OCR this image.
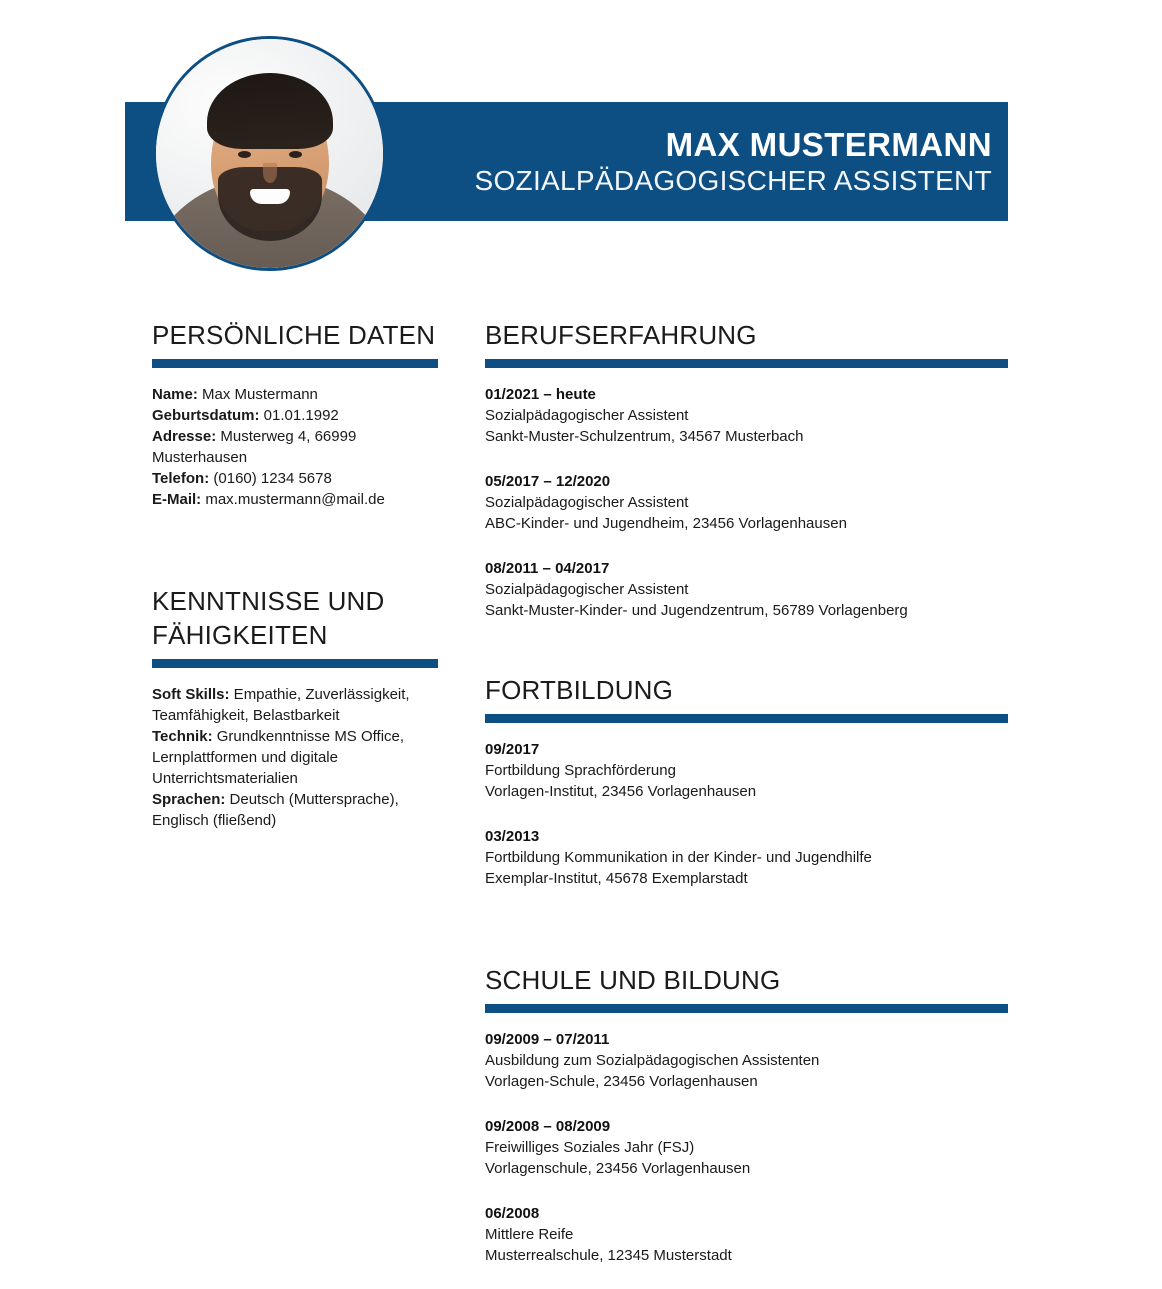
MAX MUSTERMANN
SOZIALPÄDAGOGISCHER ASSISTENT
PERSÖNLICHE DATEN
Name: Max Mustermann
Geburtsdatum: 01.01.1992
Adresse: Musterweg 4, 66999 Musterhausen
Telefon: (0160) 1234 5678
E-Mail: max.mustermann@mail.de
KENNTNISSE UND
FÄHIGKEITEN
Soft Skills: Empathie, Zuverlässigkeit, Teamfähigkeit, Belastbarkeit
Technik: Grundkenntnisse MS Office, Lernplattformen und digitale Unterrichtsmaterialien
Sprachen: Deutsch (Muttersprache), Englisch (fließend)
BERUFSERFAHRUNG
01/2021 – heute
Sozialpädagogischer Assistent
Sankt-Muster-Schulzentrum, 34567 Musterbach
05/2017 – 12/2020
Sozialpädagogischer Assistent
ABC-Kinder- und Jugendheim, 23456 Vorlagenhausen
08/2011 – 04/2017
Sozialpädagogischer Assistent
Sankt-Muster-Kinder- und Jugendzentrum, 56789 Vorlagenberg
FORTBILDUNG
09/2017
Fortbildung Sprachförderung
Vorlagen-Institut, 23456 Vorlagenhausen
03/2013
Fortbildung Kommunikation in der Kinder- und Jugendhilfe
Exemplar-Institut, 45678 Exemplarstadt
SCHULE UND BILDUNG
09/2009 – 07/2011
Ausbildung zum Sozialpädagogischen Assistenten
Vorlagen-Schule, 23456 Vorlagenhausen
09/2008 – 08/2009
Freiwilliges Soziales Jahr (FSJ)
Vorlagenschule, 23456 Vorlagenhausen
06/2008
Mittlere Reife
Musterrealschule, 12345 Musterstadt
